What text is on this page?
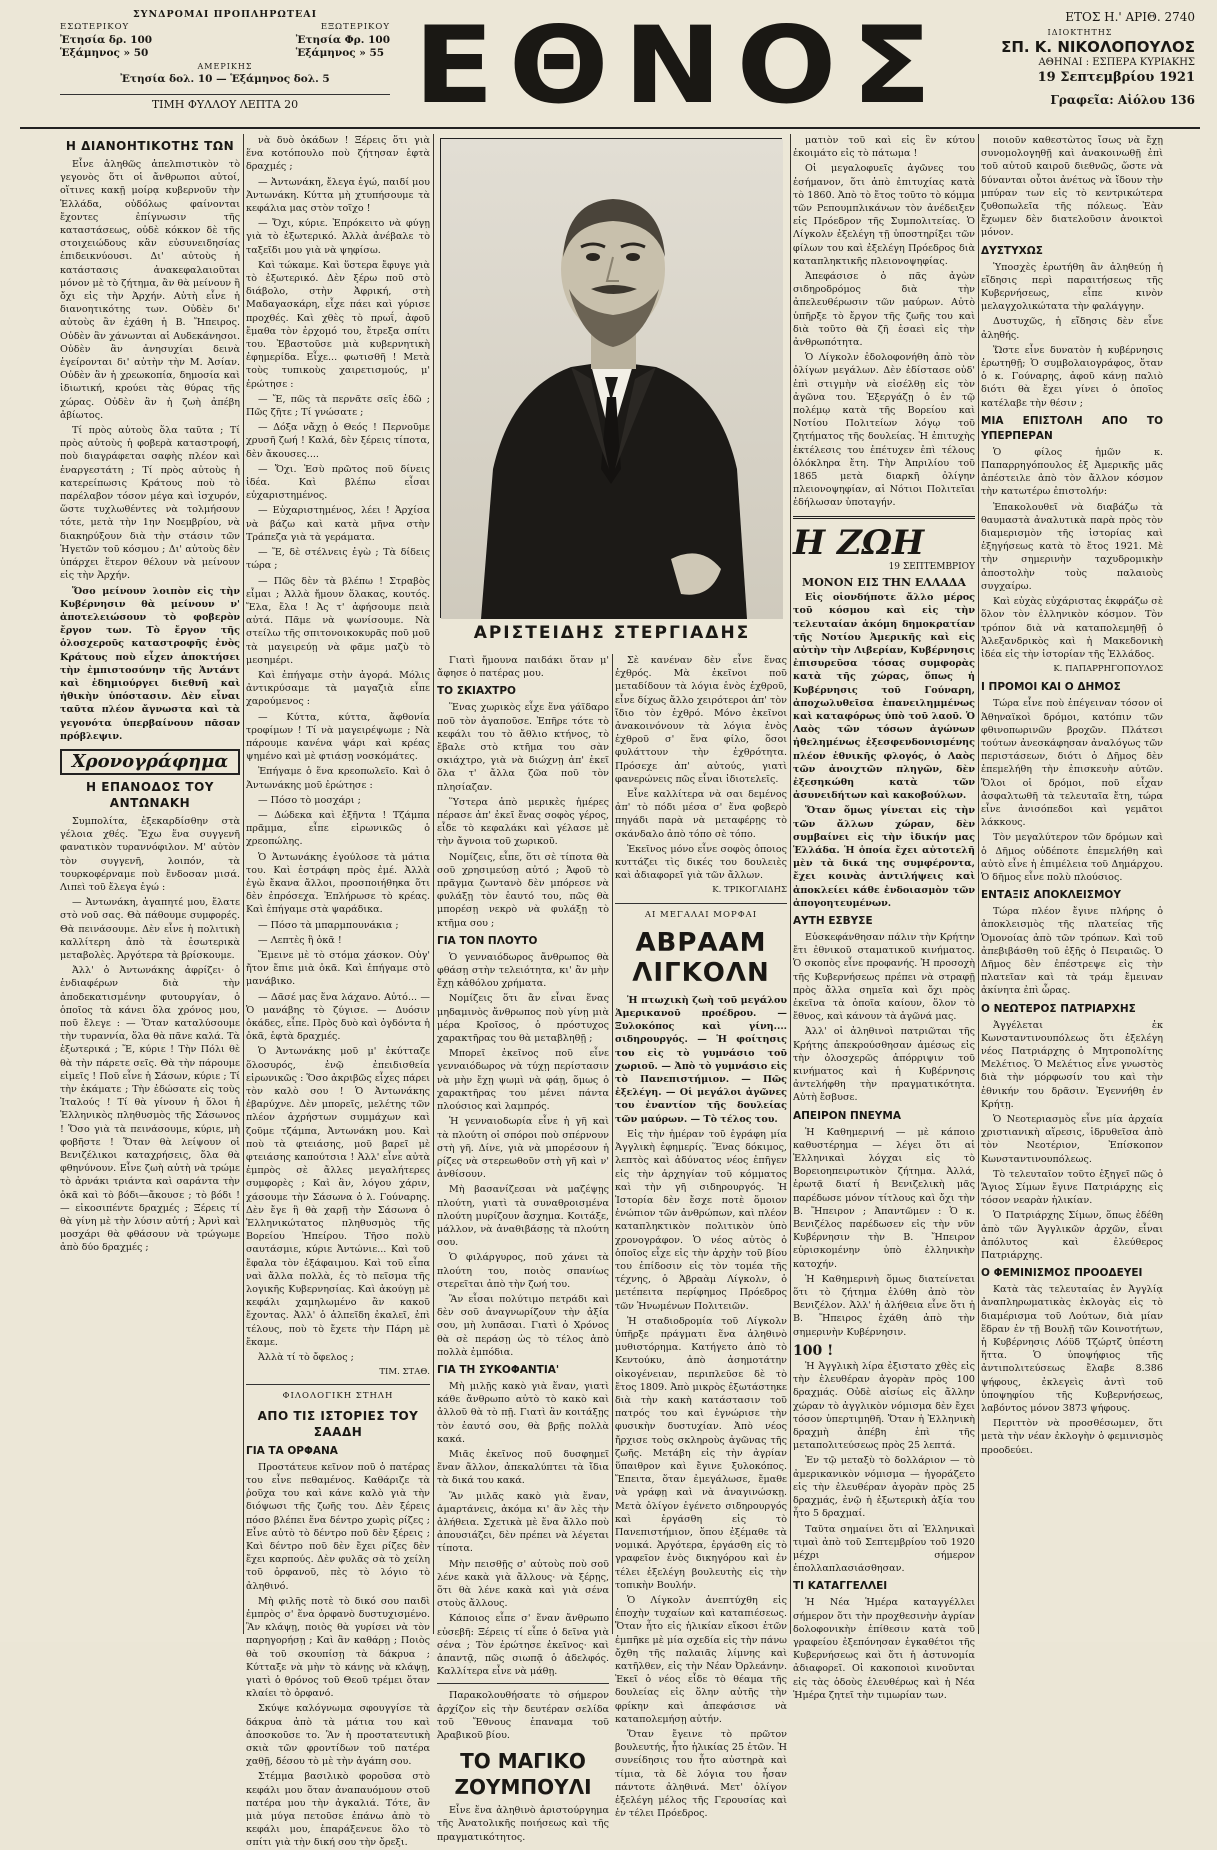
ΣΥΝΔΡΟΜΑΙ ΠΡΟΠΛΗΡΩΤΕΑΙ
ΕΣΩΤΕΡΙΚΟΥ	ΕΞΩΤΕΡΙΚΟΥ
Ἐτησία δρ. 100
Ἑξάμηνος » 50
Ἐτησία Φρ. 100
Ἑξάμηνος » 55
ΑΜΕΡΙΚΗΣ
Ἐτησία δολ. 10 — Ἑξάμηνος δολ. 5
ΤΙΜΗ ΦΥΛΛΟΥ ΛΕΠΤΑ 20	ΕΘΝΟΣ	ΕΤΟΣ Η.' ΑΡΙΘ. 2740
ΙΔΙΟΚΤΗΤΗΣ
ΣΠ. Κ. ΝΙΚΟΛΟΠΟΥΛΟΣ
ΑΘΗΝΑΙ : ΕΣΠΕΡΑ ΚΥΡΙΑΚΗΣ
19 Σεπτεμβρίου 1921
Γραφεῖα: Αἰόλου 136
Η ΔΙΑΝΟΗΤΙΚΟΤΗΣ ΤΩΝ

Εἶνε ἀληθῶς ἀπελπιστικὸν τὸ γεγονὸς ὅτι οἱ ἄνθρωποι αὐτοί, οἵτινες κακῇ μοίρᾳ κυβερνοῦν τὴν Ἑλλάδα, οὐδόλως φαίνονται ἔχοντες ἐπίγνωσιν τῆς καταστάσεως, οὐδὲ κόκκον δὲ τῆς στοιχειώδους κἂν εὐσυνειδησίας ἐπιδεικνύουσι. Δι' αὐτοὺς ἡ κατάστασις ἀνακεφαλαιοῦται μόνον μὲ τὸ ζήτημα, ἂν θὰ μείνουν ἢ ὄχι εἰς τὴν Ἀρχήν. Αὐτὴ εἶνε ἡ διανοητικότης των. Οὐδὲν δι' αὐτοὺς ἂν ἐχάθη ἡ Β. Ἤπειρος. Οὐδὲν ἂν χάνωνται αἱ Αυδεκάνησοι. Οὐδὲν ἂν ἀνησυχίαι δεινὰ ἐγείρονται δι' αὐτὴν τὴν Μ. Ἀσίαν. Οὐδὲν ἂν ἡ χρεωκοπία, δημοσία καὶ ἰδιωτική, κρούει τὰς θύρας τῆς χώρας. Οὐδὲν ἂν ἡ ζωὴ ἀπέβη ἀβίωτος.

Τί πρὸς αὐτοὺς ὅλα ταῦτα ; Τί πρὸς αὐτοὺς ἡ φοβερὰ καταστροφή, ποὺ διαγράφεται σαφὴς πλέον καὶ ἐναργεστάτη ; Τί πρὸς αὐτοὺς ἡ κατερείπωσις Κράτους ποὺ τὸ παρέλαβον τόσον μέγα καὶ ἰσχυρόν, ὥστε τυχλωθέντες νὰ τολμήσουν τότε, μετὰ τὴν 1ην Νοεμβρίου, νὰ διακηρύξουν διὰ τὴν στάσιν τῶν Ἡγετῶν τοῦ κόσμου ; Δι' αὐτοὺς δὲν ὑπάρχει ἕτερον θέλουν νὰ μείνουν εἰς τὴν Ἀρχήν.

Ὅσο μείνουν λοιπὸν εἰς τὴν Κυβέρνησιν θὰ μείνουν ν' ἀποτελειώσουν τὸ φοβερὸν ἔργον των. Τὸ ἔργον τῆς ὁλοσχεροῦς καταστροφῆς ἑνὸς Κράτους ποὺ εἶχεν ἀποκτήσει τὴν ἐμπιστοσύνην τῆς Ἀντάντ καὶ ἐδημιούργει διεθνῆ καὶ ἠθικὴν ὑπόστασιν. Δὲν εἶναι ταῦτα πλέον ἄγνωστα καὶ τὰ γεγονότα ὑπερβαίνουν πᾶσαν πρόβλεψιν.

Χρονογράφημα
Η ΕΠΑΝΟΔΟΣ ΤΟΥ ΑΝΤΩΝΑΚΗ

Συμπολίτα, ἐξεκαρδίσθην στὰ γέλοια χθές. Ἔχω ἕνα συγγενῆ φανατικὸν τυραννόφιλον. Μ' αὐτὸν τὸν συγγενῆ, λοιπόν, τὰ τουρκοφέρναμε ποὺ ἔνδοσαν μισά. Λιπεὶ τοῦ ἔλεγα ἐγώ :

— Ἀντωνάκη, ἀγαπητέ μου, ἔλατε στὸ νοῦ σας. Θὰ πάθουμε συμφορές. Θὰ πεινάσουμε. Δὲν εἶνε ἡ πολιτικὴ καλλίτερη ἀπὸ τὰ ἐσωτερικὰ μεταβολὲς. Ἀργότερα τὰ βρίσκουμε.

Ἀλλ' ὁ Ἀντωνάκης ἀφρίζει· ὁ ἐνδιαφέρων διὰ τὴν ἀποδεκατισμένην φυτουργίαν, ὁ ὁποῖος τὰ κάνει ὅλα χρόνος μου, ποῦ ἔλεγε : — Ὅταν καταλύσουμε τὴν τυραννία, ὅλα θὰ πᾶνε καλά. Τὰ ἐξωτερικά ; Ἔ, κύριε ! Τὴν Πόλι θὲ θὰ τὴν πάρετε σεῖς. Θὰ τὴν πάρουμε εἰμεῖς ! Ποῦ εἶνε ἡ Σάσων, κύριε ; Τί τὴν ἐκάματε ; Τὴν ἐδώσατε εἰς τοὺς Ἰταλούς ! Τί θὰ γίνουν ἡ ὅλοι ἡ Ἑλληνικὸς πληθυσμὸς τῆς Σάσωνος ! Ὅσο γιὰ τὰ πεινάσουμε, κύριε, μὴ φοβῆστε ! Ὅταν θὰ λείψουν οἱ Βενιζέλικοι καταχρήσεις, ὅλα θὰ φθηνύνουν. Εἶνε ζωὴ αὐτὴ νὰ τρώμε τὸ ἀρνάκι τριάντα καὶ σαράντα τὴν ὀκᾶ καὶ τὸ βόδι—ἄκουσε ; τὸ βόδι ! — εἰκοσιπέντε δραχμές ; Ξέρεις τί θὰ γίνη μὲ τὴν λύσιν αὐτή ; Ἀρνὶ καὶ μοσχάρι θὰ φθάσουν νὰ τρώγωμε ἀπὸ δύο δραχμές ;

νὰ δυὸ ὀκάδων ! Ξέρεις ὅτι γιὰ ἕνα κοτόπουλο ποὺ ζήτησαν ἑφτὰ δραχμές ;

— Ἀντωνάκη, ἔλεγα ἐγώ, παιδί μου Ἀντωνάκη. Κύττα μὴ χτυπήσουμε τὰ κεφάλια μας στὸν τοῖχο !

— Ὄχι, κύριε. Ἐπρόκειτο νὰ φύγῃ γιὰ τὸ ἐξωτερικό. Ἀλλὰ ἀνέβαλε τὸ ταξεῖδι μου γιὰ νὰ ψηφίσω.

Καὶ τώκαμε. Καὶ ὕστερα ἔφυγε γιὰ τὸ ἐξωτερικό. Δὲν ξέρω ποῦ στὸ διάβολο, στὴν Ἀφρική, στὴ Μαδαγασκάρη, εἶχε πάει καὶ γύρισε προχθές. Καὶ χθὲς τὸ πρωΐ, ἀφοῦ ἔμαθα τὸν ἐρχομό του, ἔτρεξα σπίτι του. Ἐβαστοῦσε μιὰ κυβερνητικὴ ἐφημερίδα. Εἶχε... φωτισθῆ ! Μετὰ τοὺς τυπικοὺς χαιρετισμούς, μ' ἐρώτησε :

— Ἔ, πῶς τὰ περνᾶτε σεῖς ἐδῶ ; Πῶς ζῆτε ; Τί γνώσατε ;

— Δόξα νἄχῃ ὁ Θεός ! Περνοῦμε χρυσῆ ζωή ! Καλά, δὲν ξέρεις τίποτα, δὲν ἄκουσες....

— Ὄχι. Ἐσὺ πρῶτος ποῦ δίνεις ἰδέα. Καὶ βλέπω εἶσαι εὐχαριστημένος.

— Εὐχαριστημένος, λέει ! Ἀρχίσα νὰ βάζω καὶ κατὰ μῆνα στὴν Τράπεζα γιὰ τὰ γεράματα.

— Ἔ, δὲ στέλνεις ἐγὼ ; Τὰ δίδεις τώρα ;

— Πῶς δὲν τὰ βλέπω ! Στραβὸς εἶμαι ; Ἀλλὰ ἤμουν ὅλακας, κουτός. Ἔλα, ἔλα ! Ἀς τ' ἀφήσουμε πειὰ αὐτά. Πᾶμε νὰ ψωνίσουμε. Νὰ στείλω τῆς σπιτονοικοκυρᾶς ποῦ μοῦ τὰ μαγειρεύῃ νὰ φᾶμε μαζὺ τὸ μεσημέρι.

Καὶ ἐπήγαμε στὴν ἀγορά. Μόλις ἀντικρύσαμε τὰ μαγαζιὰ εἶπε χαρούμενος :

— Κύττα, κύττα, ἄφθονία τροφίμων ! Τί νὰ μαγειρέψωμε ; Νὰ πάρουμε κανένα ψάρι καὶ κρέας ψημένο καὶ μὲ φτιάσῃ νοσκόμάτες.

Ἐπήγαμε ὁ ἕνα κρεοπωλεῖο. Καὶ ὁ Ἀντωνάκης μοῦ ἐρώτησε :

— Πόσο τὸ μοσχάρι ;

— Δώδεκα καὶ ἑξῆντα ! Τζάμπα πρᾶμμα, εἶπε εἰρωνικῶς ὁ χρεοπώλης.

Ὁ Ἀντωνάκης ἐγούλοσε τὰ μάτια του. Καὶ ἐστράφη πρὸς ἐμέ. Ἀλλὰ ἐγὼ ἔκανα ἄλλοι, προσποιήθηκα ὅτι δὲν ἐπρόσεχα. Ἐπλήρωσε τὸ κρέας. Καὶ ἐπήγαμε στὰ ψαράδικα.

— Πόσο τὰ μπαρμπουνάκια ;

— Λεπτὲς ἢ ὀκᾶ !

Ἔμεινε μὲ τὸ στόμα χάσκον. Οὐγ' ἤτον ἔπιε μιὰ ὀκᾶ. Καὶ ἐπήγαμε στὸ μανάβικο.

— Δᾶσέ μας ἕνα λάχανο. Αὐτό... — Ὁ μανάβης τὸ ζύγισε. — Δυόσιν ὀκάδες, εἶπε. Πρὸς δυὸ καὶ ὀγδόντα ἡ ὀκᾶ, ἑφτὰ δραχμές.

Ὁ Ἀντωνάκης μοῦ μ' ἐκύτταζε ὅλοσυρός, ἐνῷ ἐπειδισθεία εἰρωνικῶς : Ὅσο ἀκριβῶς εἶχες πάρει τὸν καλὸ σου ! Ὁ Ἀντωνάκης ἐβαρύχνε. Δὲν μπορεῖς, μελέτης τῶν πλέον ἀχρήστων συμμάχων καὶ ζοῦμε τζάμπα, Ἀντωνάκη μου. Καὶ ποὺ τὰ φτειάσης, μοῦ βαρεῖ μὲ φτειάσης καπούτσια ! Ἀλλ' εἶνε αὐτὰ ἐμπρὸς σὲ ἄλλες μεγαλήτερες συμφορὲς ; Καὶ ἂν, λόγου χάριν, χάσουμε τὴν Σάσωνα ὁ λ. Γούναρης. Δὲν ἔγε ἢ θὰ χαρῇ τὴν Σάσωνα ὁ Ἑλληνικώτατος πληθυσμὸς τῆς Βορείου Ἠπείρου. Τῆσο πολὺ σαυτάσμιε, κύριε Ἀντώνιε... Καὶ τοῦ ἔφαλα τὸν ἐξάφαιμου. Καὶ τοῦ εἶπα ναὶ ἄλλα πολλὰ, ἐς τὸ πεῖσμα τῆς λογικῆς Κυβερνησίας. Καὶ ἀκούγῃ μὲ κεφάλι χαμηλωμένο ἂν κακοῦ ἔχοντας. Ἀλλ' ὁ ἀλπεῖδη ἐκαλεῖ, ἐπὶ τέλους, ποὺ τὸ ἔχετε τὴν Πάρη μὲ ἔκαμε.

Ἀλλὰ τί τὸ ὄφελος ;

ΤΙΜ. ΣΤΑΘ.
ΦΙΛΟΛΟΓΙΚΗ ΣΤΗΛΗ
ΑΠΟ ΤΙΣ ΙΣΤΟΡΙΕΣ ΤΟΥ ΣΑΑΔΗ
ΓΙΑ ΤΑ ΟΡΦΑΝΑ

Προστάτευε κεῖνον ποῦ ὁ πατέρας του εἶνε πεθαμένος. Καθάριζε τὰ ῥοῦχα του καὶ κάνε καλὸ γιὰ τὴν διόψωσι τῆς ζωῆς του. Δὲν ξέρεις πόσο βλέπει ἕνα δέντρο χωρὶς ρίζες ; Εἶνε αὐτὸ τὸ δέντρο ποῦ δὲν ξέρεις ; Καὶ δέντρο ποῦ δὲν ἔχει ρίζες δὲν ἔχει καρπούς. Δὲν φυλᾶς σὰ τὸ χείλη τοῦ ὀρφανοῦ, πὲς τὸ λόγιο τὸ ἀληθινό.

Μὴ φιλῆς ποτὲ τὸ δικό σου παιδὶ ἐμπρὸς σ' ἕνα ὀρφανὸ δυστυχισμένο. Ἂν κλάψῃ, ποιὸς θὰ γυρίσει νὰ τὸν παρηγορήσῃ ; Καὶ ἂν καθάρῃ ; Ποιὸς θὰ τοῦ σκουπίσῃ τὰ δάκρυα ; Κύτταξε νὰ μὴν τὸ κάνῃς νὰ κλάψῃ, γιατὶ ὁ θρόνος τοῦ Θεοῦ τρέμει ὅταν κλαίει τὸ ὀρφανό.

Σκύψε καλόγνωμα σφουγγίσε τὰ δάκρυα ἀπὸ τὰ μάτια του καὶ ἀποσκοῦσε το. Ἂν ἡ προστατευτικὴ σκιὰ τῶν φροντίδων τοῦ πατέρα χαθῇ, δέσου τὸ μὲ τὴν ἀγάπη σου.

Στέμμα βασιλικὸ φοροῦσα στὸ κεφάλι μου ὅταν ἀναπαυόμουν στοῦ πατέρα μου τὴν ἀγκαλιά. Τότε, ἂν μιὰ μύγα πετοῦσε ἐπάνω ἀπὸ τὸ κεφάλι μου, ἐπαράξενευε ὅλο τὸ σπίτι γιὰ τὴν δική σου τὴν ὄρεξι.

ΑΡΙΣΤΕΙΔΗΣ ΣΤΕΡΓΙΑΔΗΣ

Γιατὶ ἤμουνα παιδάκι ὅταν μ' ἄφησε ὁ πατέρας μου.

ΤΟ ΣΚΙΑΧΤΡΟ

Ἕνας χωρικὸς εἶχε ἕνα γάϊδαρο ποῦ τὸν ἀγαποῦσε. Ἐπῆρε τότε τὸ κεφάλι του τὸ ἄθλιο κτήνος, τὸ ἔβαλε στὸ κτῆμα του σὰν σκιάχτρο, γιὰ νὰ διώχνῃ ἀπ' ἐκεῖ ὅλα τ' ἄλλα ζῶα ποῦ τὸν πλησίαζαν.

Ὕστερα ἀπὸ μερικὲς ἡμέρες πέρασε ἀπ' ἐκεῖ ἕνας σοφὸς γέρος, εἶδε τὸ κεφαλάκι καὶ γέλασε μὲ τὴν ἄγνοια τοῦ χωρικοῦ.

Νομίζεις, εἶπε, ὅτι σὲ τίποτα θὰ σοῦ χρησιμεύσῃ αὐτό ; Ἀφοῦ τὸ πρᾶγμα ζωντανὸ δὲν μπόρεσε νὰ φυλάξῃ τὸν ἑαυτό του, πῶς θὰ μπορέσῃ νεκρὸ νὰ φυλάξῃ τὸ κτῆμα σου ;

ΓΙΑ ΤΟΝ ΠΛΟΥΤΟ

Ὁ γενναιόδωρος ἄνθρωπος θὰ φθάσῃ στὴν τελειότητα, κι' ἂν μὴν ἔχῃ κἀθόλου χρήματα.

Νομίζεις ὅτι ἂν εἶναι ἕνας μηδαμινὸς ἄνθρωπος ποὺ γίνῃ μιὰ μέρα Κροῖσος, ὁ πρόστυχος χαρακτῆρας του θὰ μεταβληθῇ ;

Μπορεῖ ἐκεῖνος ποῦ εἶνε γενναιόδωρος νὰ τύχῃ περίστασιν νὰ μὴν ἔχῃ ψωμὶ νὰ φάῃ, ὅμως ὁ χαρακτῆρας του μένει πάντα πλούσιος καὶ λαμπρός.

Ἡ γενναιοδωρία εἶνε ἡ γῆ καὶ τὰ πλούτη οἱ σπόροι ποὺ σπέρνουν στὴ γῆ. Δίνε, γιὰ νὰ μπορέσουν ἡ ρίζες νὰ στερεωθοῦν στὴ γῆ καὶ ν' ἀνθίσουν.

Μὴ βασανίζεσαι νὰ μαζέψῃς πλούτη, γιατὶ τὰ συναθροισμένα πλούτη μυρίζουν ἄσχημα. Κοιτάξε, μάλλον, νὰ ἀναθιβάσῃς τὰ πλούτη σου.

Ὁ φιλάργυρος, ποῦ χάνει τὰ πλούτη του, ποιὸς σπανίως στερεῖται ἀπὸ τὴν ζωή του.

Ἂν εἶσαι πολύτιμο πετράδι καὶ δὲν σοῦ ἀναγνωρίζουν τὴν ἀξία σου, μὴ λυπᾶσαι. Γιατὶ ὁ Χρόνος θὰ σὲ περάσῃ ὡς τὸ τέλος ἀπὸ πολλὰ ἐμπόδια.

ΓΙΑ ΤΗ ΣΥΚΟΦΑΝΤΙΑ'

Μὴ μιλῇς κακὸ γιὰ ἕναν, γιατὶ κάθε ἄνθρωπο αὐτὸ τὸ κακὸ καὶ ἀλλοῦ θὰ τὸ πῇ. Γιατὶ ἂν κοιτάξῃς τὸν ἑαυτό σου, θὰ βρῇς πολλὰ κακά.

Μιᾶς ἐκεῖνος ποῦ δυσφημεῖ ἕναν ἄλλον, ἀπεκαλύπτει τὰ ἴδια τὰ δικά του κακά.

Ἂν μιλᾶς κακὸ γιὰ ἕναν, ἁμαρτάνεις, ἀκόμα κι' ἂν λὲς τὴν ἀλήθεια. Σχετικὰ μὲ ἕνα ἄλλο ποὺ ἀπουσιάζει, δὲν πρέπει νὰ λέγεται τίποτα.

Μὴν πεισθῇς σ' αὐτοὺς ποὺ σοῦ λένε κακὰ γιὰ ἄλλους· νὰ ξέρῃς, ὅτι θὰ λένε κακὰ καὶ γιὰ σένα στοὺς ἄλλους.

Κάποιος εἶπε σ' ἕναν ἄνθρωπο εὐσεβῆ: Ξέρεις τί εἶπε ὁ δεῖνα γιὰ σένα ; Τὸν ἐρώτησε ἐκεῖνος· καὶ ἀπαντᾷ, πῶς σιωπᾷ ὁ ἀδελφός. Καλλίτερα εἶνε νὰ μάθῃ.

Παρακολουθήσατε τὸ σήμερον ἀρχίζον εἰς τὴν δευτέραν σελίδα τοῦ Ἔθνους ἐπαναμα τοῦ Ἀραβικοῦ βίου.

ΤΟ ΜΑΓΙΚΟ ΖΟΥΜΠΟΥΛΙ

Εἶνε ἕνα ἀληθινὸ ἀριστούργημα τῆς Ἀνατολικῆς ποιήσεως καὶ τῆς πραγματικότητος.

Σὲ κανέναν δὲν εἶνε ἕνας ἐχθρός. Μὰ ἐκεῖνοι ποῦ μεταδίδουν τὰ λόγια ἑνὸς ἐχθροῦ, εἶνε δίχως ἄλλο χειρότεροι ἀπ' τὸν ἴδιο τὸν ἐχθρό. Μόνο ἐκεῖνοι ἀνακοινόνουν τὰ λόγια ἑνὸς ἐχθροῦ σ' ἕνα φίλο, ὅσοι φυλάττουν τὴν ἐχθρότητα. Πρόσεχε ἀπ' αὐτούς, γιατὶ φανερώνεις πῶς εἶναι ἰδιοτελεῖς.

Εἶνε καλλίτερα νὰ σαι δεμένος ἀπ' τὸ πόδι μέσα σ' ἕνα φοβερὸ πηγάδι παρὰ νὰ μεταφέρῃς τὸ σκάνδαλο ἀπὸ τόπο σὲ τόπο.

Ἐκεῖνος μόνο εἶνε σοφὸς ὁποιος κυττάζει τὶς δικές του δουλειὲς καὶ ἀδιαφορεῖ γιὰ τῶν ἄλλων.

Κ. ΤΡΙΚΟΓΛΙΔΗΣ
ΑΙ ΜΕΓΑΛΑΙ ΜΟΡΦΑΙ
ΑΒΡΑΑΜ ΛΙΓΚΟΛΝ

Ἡ πτωχικὴ ζωὴ τοῦ μεγάλου Ἀμερικανοῦ προέδρου. — Ξυλοκόπος καὶ γίνη.... σιδηρουργός. — Ἡ φοίτησις του εἰς τὸ γυμνάσιο τοῦ χωριοῦ. — Ἀπὸ τὸ γυμνάσιο εἰς τὸ Πανεπιστήμιον. — Πῶς ἐξελέγη. — Οἱ μεγάλοι ἀγῶνες του ἐναντίον τῆς δουλείας τῶν μαύρων. — Τὸ τέλος του.

Εἰς τὴν ἡμέραν τοῦ ἐγράφη μία Ἀγγλικὴ ἐφημερίς. Ἕνας δόκιμος, λεπτὸς καὶ ἀδύνατος νέος ἐπῆγεν εἰς τὴν ἀρχηγίαν τοῦ κόμματος καὶ τὴν γῆ σιδηρουργός. Ἡ Ἱστορία δὲν ἔσχε ποτὲ ὅμοιον ἐνώπιον τῶν ἀνθρώπων, καὶ πλέον καταπληκτικὸν πολιτικὸν ὑπὸ χρονογράφον. Ὁ νέος αὐτὸς ὁ ὁποῖος εἶχε εἰς τὴν ἀρχὴν τοῦ βίου του ἐπίδοσιν εἰς τὸν τομέα τῆς τέχνης, ὁ Ἀβραὰμ Λίγκολν, ὁ μετέπειτα περίφημος Πρόεδρος τῶν Ἡνωμένων Πολιτειῶν.

Ἡ σταδιοδρομία τοῦ Λίγκολν ὑπῆρξε πράγματι ἕνα ἀληθινὸ μυθιστόρημα. Κατήγετο ἀπὸ τὸ Κεντούκυ, ἀπὸ ἀσημοτάτην οἰκογένειαν, περιπλεῦσε δὲ τὸ ἔτος 1809. Ἀπὸ μικρὸς ἐξωτάστηκε διὰ τὴν κακὴ κατάστασιν τοῦ πατρός του καὶ ἐγνώρισε τὴν φυσικὴν δυστυχίαν. Ἀπὸ νέος ἤρχισε τοὺς σκληροὺς ἀγῶνας τῆς ζωῆς. Μετάβη εἰς τὴν ἀγρίαν ὕπαιθρον καὶ ἔγινε ξυλοκόπος. Ἔπειτα, ὅταν ἐμεγάλωσε, ἔμαθε νὰ γράφῃ καὶ νὰ ἀναγινώσκῃ. Μετὰ ὀλίγον ἐγένετο σιδηρουργός καὶ ἐργάσθη εἰς τὸ Πανεπιστήμιον, ὅπου ἐξέμαθε τὰ νομικά. Ἀργότερα, ἐργάσθη εἰς τὸ γραφεῖον ἑνὸς δικηγόρου καὶ ἐν τέλει ἐξελέγη βουλευτὴς εἰς τὴν τοπικὴν Βουλήν.

Ὁ Λίγκολν ἀνεπτύχθη εἰς ἐποχὴν τυχαίων καὶ καταπιέσεως. Ὅταν ἦτο εἰς ἡλικίαν εἴκοσι ἐτῶν ἐμπῆκε μὲ μία σχεδία εἰς τὴν πάνω ὄχθη τῆς παλαιᾶς λίμνης καὶ κατῆλθεν, εἰς τὴν Νέαν Ὀρλεάνην. Ἐκεῖ ὁ νέος εἶδε τὸ θέαμα τῆς δουλείας εἰς ὅλην αὐτῆς τὴν φρίκην καὶ ἀπεφάσισε νὰ καταπολεμήσῃ αὐτήν.

Ὅταν ἔγεινε τὸ πρῶτον βουλευτής, ἦτο ἡλικίας 25 ἐτῶν. Ἡ συνείδησις του ἦτο αὐστηρὰ καὶ τίμια, τὰ δὲ λόγια του ἦσαν πάντοτε ἀληθινά. Μετ' ὀλίγον ἐξελέγη μέλος τῆς Γερουσίας καὶ ἐν τέλει Πρόεδρος.

ματιὸν τοῦ καὶ εἰς ἓν κύτου ἐκοιμάτο εἰς τὸ πάτωμα !

Οἱ μεγαλοφυεῖς ἀγῶνες του ἐσήμανον, ὅτι ἀπὸ ἐπιτυχίας κατὰ τὸ 1860. Ἀπὸ τὸ ἔτος τοῦτο τὸ κόμμα τῶν Ρεπουμπλικάνων τὸν ἀνέδειξεν εἰς Πρόεδρον τῆς Συμπολιτείας. Ὁ Λίγκολν ἐξελέγη τῇ ὑποστηρίξει τῶν φίλων του καὶ ἐξελέγη Πρόεδρος διὰ καταπληκτικῆς πλειονοψηφίας.

Ἀπεφάσισε ὁ πᾶς ἀγὼν σιδηροδρόμος διὰ τὴν ἀπελευθέρωσιν τῶν μαύρων. Αὐτὸ ὑπῆρξε τὸ ἔργον τῆς ζωῆς του καὶ διὰ τοῦτο θὰ ζῆ ἐσαεὶ εἰς τὴν ἀνθρωπότητα.

Ὁ Λίγκολν ἐδολοφονήθη ἀπὸ τὸν ὀλίγων μεγάλων. Δὲν ἐδίστασε οὐδ' ἐπὶ στιγμὴν νὰ εἰσέλθῃ εἰς τὸν ἀγῶνα του. Ἐξεργάζῃ ὁ ἐν τῷ πολέμῳ κατὰ τῆς Βορείου καὶ Νοτίου Πολιτείων λόγῳ τοῦ ζητήματος τῆς δουλείας. Ἡ ἐπιτυχὴς ἐκτέλεσις του ἐπέτυχεν ἐπὶ τέλους ὁλόκληρα ἔτη. Τὴν Ἀπριλίου τοῦ 1865 μετὰ διαρκῆ ὀλίγην πλειονοψηφίαν, αἱ Νότιοι Πολιτεῖαι ἐδήλωσαν ὑποταγήν.

Η ΖΩΗ
19 ΣΕΠΤΕΜΒΡΙΟΥ
ΜΟΝΟΝ ΕΙΣ ΤΗΝ ΕΛΛΑΔΑ

Εἰς οἱονδήποτε ἄλλο μέρος τοῦ κόσμου καὶ εἰς τὴν τελευταίαν ἀκόμη δημοκρατίαν τῆς Νοτίου Ἀμερικῆς καὶ εἰς αὐτὴν τὴν Λιβερίαν, Κυβέρνησις ἐπισυρεῦσα τόσας συμφορὰς κατὰ τῆς χώρας, ὅπως ἡ Κυβέρνησις τοῦ Γούναρη, ἀποχωλυθεῖσα ἐπανειλημμένως καὶ καταφόρως ὑπὸ τοῦ λαοῦ. Ὁ Λαὸς τῶν τόσων ἀγώνων ἠθελημένως ἐξεσφενδονισμένης πλέον ἐθνικῆς φλογός, ὁ Λαὸς τῶν ἀνοιχτῶν πληγῶν, δὲν ἐξεσηκώθη κατὰ τῶν ἀσυνειδήτων καὶ κακοβούλων.

Ὅταν ὅμως γίνεται εἰς τὴν τῶν ἄλλων χώραν, δὲν συμβαίνει εἰς τὴν ἰδικήν μας Ἑλλάδα. Ἡ ὁποία ἔχει αὐτοτελῆ μὲν τὰ δικά της συμφέροντα, ἔχει κοινὰς ἀντιλήψεις καὶ ἀποκλείει κάθε ἐνδοιασμὸν τῶν ἀπογοητευμένων.

ΑΥΤΗ ΕΣΒΥΣΕ

Εὐσκεφάνθησαν πάλιν τὴν Κρήτην ἔτι ἐθνικοῦ σταματικοῦ κινήματος. Ὁ σκοπὸς εἶνε προφανής. Ἡ προσοχὴ τῆς Κυβερνήσεως πρέπει νὰ στραφῇ πρὸς ἄλλα σημεῖα καὶ ὄχι πρὸς ἐκεῖνα τὰ ὁποῖα καίουν, ὅλον τὸ ἔθνος, καὶ κάνουν τὰ ἀγῶνά μας.

Ἀλλ' οἱ ἀληθινοὶ πατριῶται τῆς Κρήτης ἀπεκρούσθησαν ἀμέσως εἰς τὴν ὁλοσχερῶς ἀπόρριψιν τοῦ κινήματος καὶ ἡ Κυβέρνησις ἀντελήφθη τὴν πραγματικότητα. Αὐτὴ ἔσβυσε.

ΑΠΕΙΡΟΝ ΠΝΕΥΜΑ

Ἡ Καθημερινή — μὲ κάποιο καθυστέρημα — λέγει ὅτι αἱ Ἑλληνικαὶ λόγχαι εἰς τὸ Βορειοηπειρωτικὸν ζήτημα. Ἀλλά, ἐρωτᾷ διατί ἡ Βενιζελικὴ μᾶς παρέδωσε μόνον τίτλους καὶ ὄχι τὴν Β. Ἤπειρον ; Ἀπαντῶμεν : Ὁ κ. Βενιζέλος παρέδωσεν εἰς τὴν νῦν Κυβέρνησιν τὴν Β. Ἤπειρον εὑρισκομένην ὑπὸ ἑλληνικὴν κατοχήν.

Ἡ Καθημερινὴ ὅμως διατείνεται ὅτι τὸ ζήτημα ἐλύθη ἀπὸ τὸν Βενιζέλον. Ἀλλ' ἡ ἀλήθεια εἶνε ὅτι ἡ Β. Ἤπειρος ἐχάθη ἀπὸ τὴν σημερινὴν Κυβέρνησιν.

100 !

Ἡ Ἀγγλικὴ λίρα ἐξιστατο χθὲς εἰς τὴν ἐλευθέραν ἀγορὰν πρὸς 100 δραχμάς. Οὐδὲ αἰσίως εἰς ἄλλην χώραν τὸ ἀγγλικὸν νόμισμα δὲν ἔχει τόσον ὑπερτιμηθῆ. Ὅταν ἡ Ἑλληνικὴ δραχμὴ ἀπέβη ἐπὶ τῆς μεταπολιτεύσεως πρὸς 25 λεπτά.

Ἐν τῷ μεταξὺ τὸ δολλάριον — τὸ ἀμερικανικὸν νόμισμα — ἠγοράζετο εἰς τὴν ἐλευθέραν ἀγορὰν πρὸς 25 δραχμάς, ἐνῷ ἡ ἐξωτερικὴ ἀξία του ἦτο 5 δραχμαί.

Ταῦτα σημαίνει ὅτι αἱ Ἑλληνικαὶ τιμαὶ ἀπὸ τοῦ Σεπτεμβρίου τοῦ 1920 μέχρι σήμερον ἐπολλαπλασιάσθησαν.

ΤΙ ΚΑΤΑΓΓΕΛΛΕΙ

Ἡ Νέα Ἡμέρα καταγγέλλει σήμερον ὅτι τὴν προχθεσινὴν ἀγρίαν δολοφονικὴν ἐπίθεσιν κατὰ τοῦ γραφείου ἐξεπόνησαν ἐγκαθέτοι τῆς Κυβερνήσεως καὶ ὅτι ἡ ἀστυνομία ἀδιαφορεῖ. Οἱ κακοποιοὶ κινοῦνται εἰς τὰς ὁδοὺς ἐλευθέρως καὶ ἡ Νέα Ἡμέρα ζητεῖ τὴν τιμωρίαν των.

ποιοῦν καθεστὼτος ἴσως νὰ ἔχῃ συνομολογηθῇ καὶ ἀνακοινωθῇ ἐπὶ τοῦ αὐτοῦ καιροῦ διεθνῶς, ὥστε νὰ δύνανται οὗτοι ἀνέτως νὰ ἴδουν τὴν μπύραν των εἰς τὸ κεντρικώτερα ζυθοπωλεῖα τῆς πόλεως. Ἐὰν ἔχωμεν δὲν διατελοῦσιν ἀνοικτοὶ μόνον.

ΔΥΣΤΥΧΩΣ

Ὑποσχὲς ἐρωτήθη ἂν ἀληθεύῃ ἡ εἴδησις περὶ παραιτήσεως τῆς Κυβερνήσεως, εἶπε κινὸν μελαγχολικώτατα τὴν φαλάγγην.

Δυστυχῶς, ἡ εἴδησις δὲν εἶνε ἀληθής.

Ὥστε εἶνε δυνατὸν ἡ κυβέρνησις ἐρωτηθῇ; Ὁ συμβολαιογράφος, ὅταν ὁ κ. Γούναρης, ἀφοῦ κάνῃ παλιὸ διότι θὰ ἔχει γίνει ὁ ὁποῖος κατέλαβε τὴν θέσιν ;

ΜΙΑ ΕΠΙΣΤΟΛΗ ΑΠΟ ΤΟ ΥΠΕΡΠΕΡΑΝ

Ὁ φίλος ἡμῶν κ. Παπαρρηγόπουλος ἐξ Ἀμερικῆς μᾶς ἀπέστειλε ἀπὸ τὸν ἄλλον κόσμον τὴν κατωτέρω ἐπιστολήν:

Ἐπακολουθεῖ νὰ διαβάζω τὰ θαυμαστὰ ἀναλυτικὰ παρὰ πρὸς τὸν διαμερισμὸν τῆς ἱστορίας καὶ ἐξηγήσεως κατὰ τὸ ἔτος 1921. Μὲ τὴν σημερινὴν ταχυδρομικὴν ἀποστολὴν τοὺς παλαιοὺς συγχαίρω.

Καὶ εὐχὰς εὐχάριστας ἐκφράζω σὲ ὅλον τὸν ἐλληνικὸν κόσμον. Τὸν τρόπον διὰ νὰ καταπολεμηθῇ ὁ Ἀλεξανδρικὸς καὶ ἡ Μακεδονικὴ ἰδέα εἰς τὴν ἱστορίαν τῆς Ἑλλάδος.

Κ. ΠΑΠΑΡΡΗΓΟΠΟΥΛΟΣ
Ι ΠΡΟΜΟΙ ΚΑΙ Ο ΔΗΜΟΣ

Τώρα εἶνε ποὺ ἐπέγειναν τόσον οἱ Ἀθηναϊκοὶ δρόμοι, κατόπιν τῶν φθινοπωρινῶν βροχῶν. Πλάτεσι τούτων ἀνεσκάφησαν ἀναλόγως τῶν περιστάσεων, διότι ὁ Δῆμος δὲν ἐπεμελήθη τὴν ἐπισκευὴν αὐτῶν. Ὅλοι οἱ δρόμοι, ποῦ εἶχαν ἀσφαλτωθῆ τὰ τελευταῖα ἔτη, τώρα εἶνε ἀνισόπεδοι καὶ γεμᾶτοι λάκκους.

Τὸν μεγαλύτερον τῶν δρόμων καὶ ὁ Δῆμος οὐδέποτε ἐπεμελήθη καὶ αὐτὸ εἶνε ἡ ἐπιμέλεια τοῦ Δημάρχου. Ὁ δῆμος εἶνε πολὺ πλούσιος.

ΕΝΤΑΞΙΣ ΑΠΟΚΛΕΙΣΜΟΥ

Τώρα πλέον ἔγινε πλήρης ὁ ἀποκλεισμὸς τῆς πλατείας τῆς Ὁμονοίας ἀπὸ τῶν τρόπων. Καὶ τοῦ ἀπεβιβάσθη τοῦ ἐξῆς ὁ Πειραιῶς. Ὁ Δῆμος δὲν ἐπέστρεψε εἰς τὴν πλατεῖαν καὶ τὰ τράμ ἔμειναν ἀκίνητα ἐπὶ ὧρας.

Ο ΝΕΩΤΕΡΟΣ ΠΑΤΡΙΑΡΧΗΣ

Ἀγγέλεται ἐκ Κωνσταντινουπόλεως ὅτι ἐξελέγη νέος Πατριάρχης ὁ Μητροπολίτης Μελέτιος. Ὁ Μελέτιος εἶνε γνωστὸς διὰ τὴν μόρφωσίν του καὶ τὴν ἐθνικήν του δρᾶσιν. Ἐγεννήθη ἐν Κρήτῃ.

Ὁ Νεοτεριασμὸς εἶνε μία ἀρχαία χριστιανικὴ αἵρεσις, ἱδρυθεῖσα ἀπὸ τὸν Νεοτέριον, Ἐπίσκοπον Κωνσταντινουπόλεως.

Τὸ τελευταῖον τοῦτο ἐξηγεῖ πῶς ὁ Ἅγιος Σίμων ἔγινε Πατριάρχης εἰς τόσον νεαρὰν ἡλικίαν.

Ὁ Πατριάρχης Σίμων, ὅπως ἐδέθη ἀπὸ τῶν Ἀγγλικῶν ἀρχῶν, εἶναι ἀπόλυτος καὶ ἐλεύθερος Πατριάρχης.

Ο ΦΕΜΙΝΙΣΜΟΣ ΠΡΟΟΔΕΥΕΙ

Κατὰ τὰς τελευταίας ἐν Ἀγγλίᾳ ἀναπληρωματικὰς ἐκλογὰς εἰς τὸ διαμέρισμα τοῦ Λούτων, διὰ μίαν ἕδραν ἐν τῇ Βουλῇ τῶν Κοινοτήτων, ἡ Κυβέρνησις Λόϋδ Τζώρτζ ὑπέστη ἥττα. Ὁ ὑποψήφιος τῆς ἀντιπολιτεύσεως ἔλαβε 8.386 ψήφους, ἐκλεγεὶς ἀντὶ τοῦ ὑποψηφίου τῆς Κυβερνήσεως, λαβόντος μόνον 3873 ψήφους.

Περιττὸν νὰ προσθέσωμεν, ὅτι μετὰ τὴν νέαν ἐκλογὴν ὁ φεμινισμὸς προοδεύει.
